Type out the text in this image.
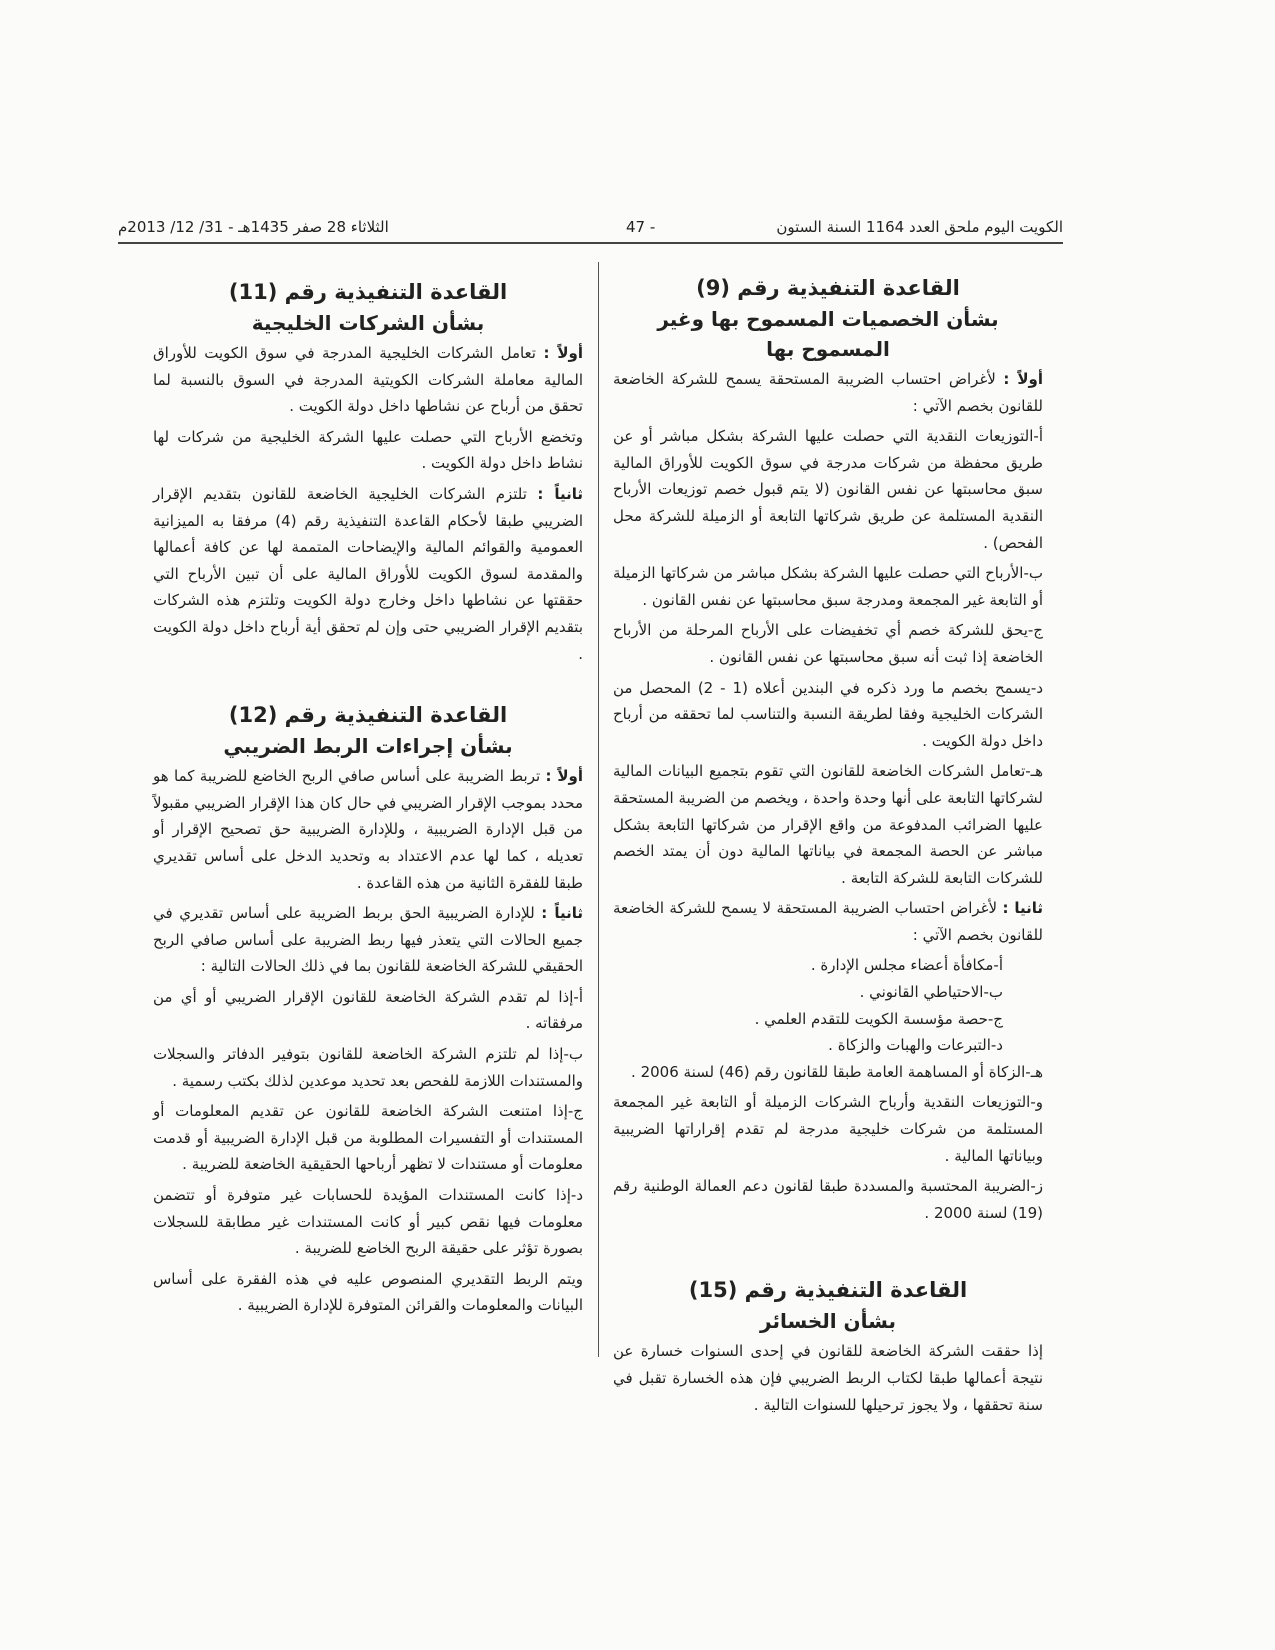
الكويت اليوم ملحق العدد 1164 السنة الستون
- 47
الثلاثاء 28 صفر 1435هـ - 31/ 12/ 2013م

القاعدة التنفيذية رقم (9)

بشأن الخصميات المسموح بها وغير المسموح بها

أولاً : لأغراض احتساب الضريبة المستحقة يسمح للشركة الخاضعة للقانون بخصم الآتي :

أ-التوزيعات النقدية التي حصلت عليها الشركة بشكل مباشر أو عن طريق محفظة من شركات مدرجة في سوق الكويت للأوراق المالية سبق محاسبتها عن نفس القانون (لا يتم قبول خصم توزيعات الأرباح النقدية المستلمة عن طريق شركاتها التابعة أو الزميلة للشركة محل الفحص) .

ب-الأرباح التي حصلت عليها الشركة بشكل مباشر من شركاتها الزميلة أو التابعة غير المجمعة ومدرجة سبق محاسبتها عن نفس القانون .

ج-يحق للشركة خصم أي تخفيضات على الأرباح المرحلة من الأرباح الخاضعة إذا ثبت أنه سبق محاسبتها عن نفس القانون .

د-يسمح بخصم ما ورد ذكره في البندين أعلاه (1 - 2) المحصل من الشركات الخليجية وفقا لطريقة النسبة والتناسب لما تحققه من أرباح داخل دولة الكويت .

هـ-تعامل الشركات الخاضعة للقانون التي تقوم بتجميع البيانات المالية لشركاتها التابعة على أنها وحدة واحدة ، ويخصم من الضريبة المستحقة عليها الضرائب المدفوعة من واقع الإقرار من شركاتها التابعة بشكل مباشر عن الحصة المجمعة في بياناتها المالية دون أن يمتد الخصم للشركات التابعة للشركة التابعة .

ثانيا : لأغراض احتساب الضريبة المستحقة لا يسمح للشركة الخاضعة للقانون بخصم الآتي :

أ-مكافأة أعضاء مجلس الإدارة .

ب-الاحتياطي القانوني .

ج-حصة مؤسسة الكويت للتقدم العلمي .

د-التبرعات والهبات والزكاة .

هـ-الزكاة أو المساهمة العامة طبقا للقانون رقم (46) لسنة 2006 .

و-التوزيعات النقدية وأرباح الشركات الزميلة أو التابعة غير المجمعة المستلمة من شركات خليجية مدرجة لم تقدم إقراراتها الضريبية وبياناتها المالية .

ز-الضريبة المحتسبة والمسددة طبقا لقانون دعم العمالة الوطنية رقم (19) لسنة 2000 .

القاعدة التنفيذية رقم (15)

بشأن الخسائر

إذا حققت الشركة الخاضعة للقانون في إحدى السنوات خسارة عن نتيجة أعمالها طبقا لكتاب الربط الضريبي فإن هذه الخسارة تقبل في سنة تحققها ، ولا يجوز ترحيلها للسنوات التالية .

القاعدة التنفيذية رقم (11)

بشأن الشركات الخليجية

أولاً : تعامل الشركات الخليجية المدرجة في سوق الكويت للأوراق المالية معاملة الشركات الكويتية المدرجة في السوق بالنسبة لما تحقق من أرباح عن نشاطها داخل دولة الكويت .

وتخضع الأرباح التي حصلت عليها الشركة الخليجية من شركات لها نشاط داخل دولة الكويت .

ثانياً : تلتزم الشركات الخليجية الخاضعة للقانون بتقديم الإقرار الضريبي طبقا لأحكام القاعدة التنفيذية رقم (4) مرفقا به الميزانية العمومية والقوائم المالية والإيضاحات المتممة لها عن كافة أعمالها والمقدمة لسوق الكويت للأوراق المالية على أن تبين الأرباح التي حققتها عن نشاطها داخل وخارج دولة الكويت وتلتزم هذه الشركات بتقديم الإقرار الضريبي حتى وإن لم تحقق أية أرباح داخل دولة الكويت .

القاعدة التنفيذية رقم (12)

بشأن إجراءات الربط الضريبي

أولاً : تربط الضريبة على أساس صافي الربح الخاضع للضريبة كما هو محدد بموجب الإقرار الضريبي في حال كان هذا الإقرار الضريبي مقبولاً من قبل الإدارة الضريبية ، وللإدارة الضريبية حق تصحيح الإقرار أو تعديله ، كما لها عدم الاعتداد به وتحديد الدخل على أساس تقديري طبقا للفقرة الثانية من هذه القاعدة .

ثانياً : للإدارة الضريبية الحق بربط الضريبة على أساس تقديري في جميع الحالات التي يتعذر فيها ربط الضريبة على أساس صافي الربح الحقيقي للشركة الخاضعة للقانون بما في ذلك الحالات التالية :

أ-إذا لم تقدم الشركة الخاضعة للقانون الإقرار الضريبي أو أي من مرفقاته .

ب-إذا لم تلتزم الشركة الخاضعة للقانون بتوفير الدفاتر والسجلات والمستندات اللازمة للفحص بعد تحديد موعدين لذلك بكتب رسمية .

ج-إذا امتنعت الشركة الخاضعة للقانون عن تقديم المعلومات أو المستندات أو التفسيرات المطلوبة من قبل الإدارة الضريبية أو قدمت معلومات أو مستندات لا تظهر أرباحها الحقيقية الخاضعة للضريبة .

د-إذا كانت المستندات المؤيدة للحسابات غير متوفرة أو تتضمن معلومات فيها نقص كبير أو كانت المستندات غير مطابقة للسجلات بصورة تؤثر على حقيقة الربح الخاضع للضريبة .

ويتم الربط التقديري المنصوص عليه في هذه الفقرة على أساس البيانات والمعلومات والقرائن المتوفرة للإدارة الضريبية .
